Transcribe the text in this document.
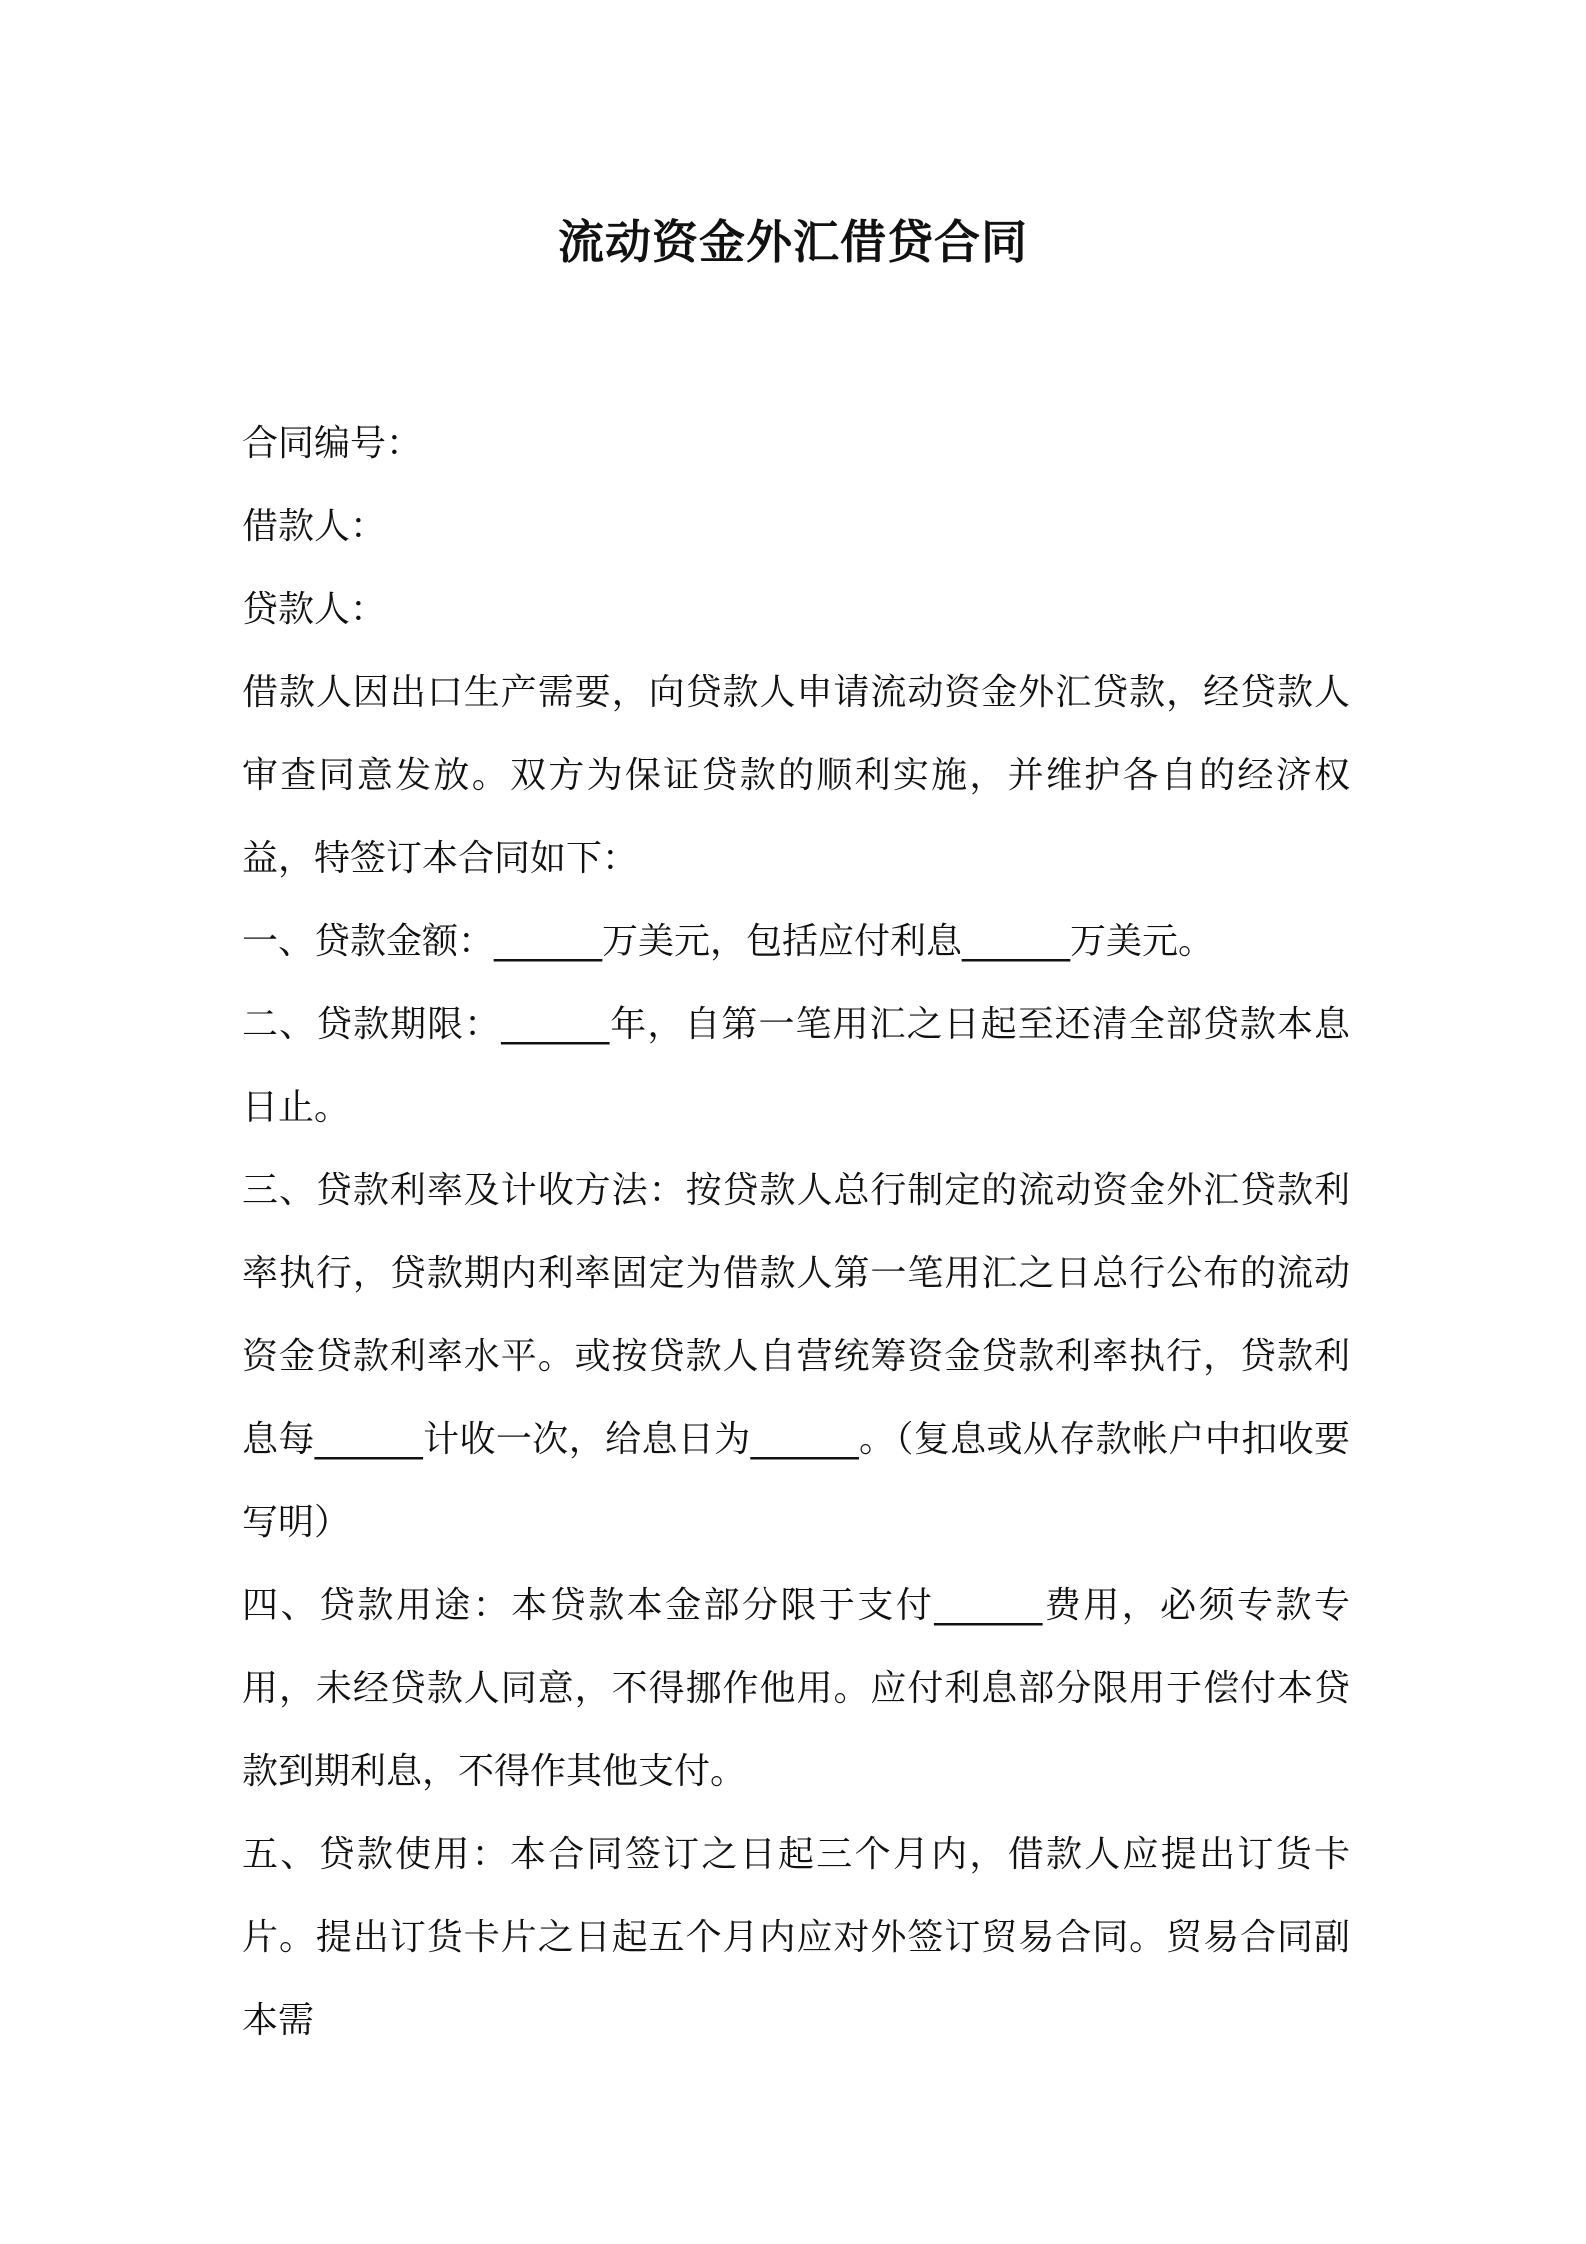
流动资金外汇借贷合同

合同编号：

借款人：

贷款人：

借款人因出口生产需要，向贷款人申请流动资金外汇贷款，经贷款人审查同意发放。双方为保证贷款的顺利实施，并维护各自的经济权益，特签订本合同如下：

一、贷款金额：______万美元，包括应付利息______万美元。

二、贷款期限：______年，自第一笔用汇之日起至还清全部贷款本息日止。

三、贷款利率及计收方法：按贷款人总行制定的流动资金外汇贷款利率执行，贷款期内利率固定为借款人第一笔用汇之日总行公布的流动资金贷款利率水平。或按贷款人自营统筹资金贷款利率执行，贷款利息每______计收一次，给息日为______。（复息或从存款帐户中扣收要写明）

四、贷款用途：本贷款本金部分限于支付______费用，必须专款专用，未经贷款人同意，不得挪作他用。应付利息部分限用于偿付本贷款到期利息，不得作其他支付。

五、贷款使用：本合同签订之日起三个月内，借款人应提出订货卡片。提出订货卡片之日起五个月内应对外签订贸易合同。贸易合同副本需
